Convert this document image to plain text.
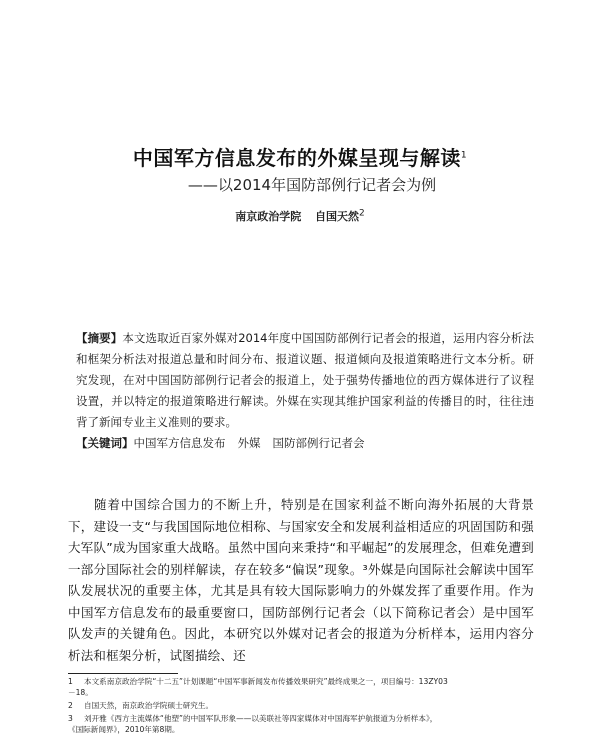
中国军方信息发布的外媒呈现与解读$^1$
——以2014年国防部例行记者会为例
南京政治学院 自国天然$^2$
【摘要】本文选取近百家外媒对2014年度中国国防部例行记者会的报道，运用内容分析法和框架分析法对报道总量和时间分布、报道议题、报道倾向及报道策略进行文本分析。研究发现，在对中国国防部例行记者会的报道上，处于强势传播地位的西方媒体进行了议程设置，并以特定的报道策略进行解读。外媒在实现其维护国家利益的传播目的时，往往违背了新闻专业主义准则的要求。
【关键词】中国军方信息发布 外媒 国防部例行记者会
随着中国综合国力的不断上升，特别是在国家利益不断向海外拓展的大背景下，建设一支“与我国国际地位相称、与国家安全和发展利益相适应的巩固国防和强大军队”成为国家重大战略。虽然中国向来秉持“和平崛起”的发展理念，但难免遭到一部分国际社会的别样解读，存在较多“偏误”现象。³外媒是向国际社会解读中国军队发展状况的重要主体，尤其是具有较大国际影响力的外媒发挥了重要作用。作为中国军方信息发布的最重要窗口，国防部例行记者会（以下简称记者会）是中国军队发声的关键角色。因此，本研究以外媒对记者会的报道为分析样本，运用内容分析法和框架分析，试图描绘、还
1 本文系南京政治学院“十二五”计划课题“中国军事新闻发布传播效果研究”最终成果之一，项目编号：13ZY03
－18。
2 自国天然，南京政治学院硕士研究生。
3 刘开雅《西方主流媒体“他塑”的中国军队形象——以美联社等四家媒体对中国海军护航报道为分析样本》，
《国际新闻界》，2010年第8期。
